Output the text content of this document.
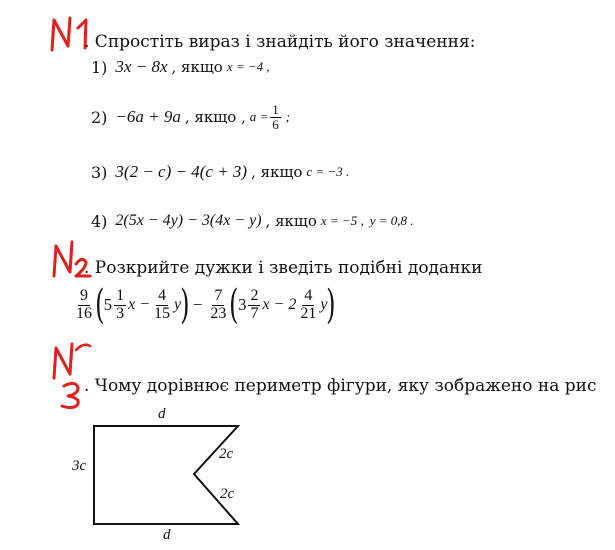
. Спростіть вираз і знайдіть його значення:
1) 3x − 8x , якщо x = −4 ,
2) −6a + 9a , якщо , $a = \frac{1}{6}$ ;
3) 3(2 − c) − 4(c + 3) , якщо c = −3 .
4) 2(5x − 4y) − 3(4x − y) , якщо x = −5 , y = 0,8 .
. Розкрийте дужки і зведіть подібні доданки
$\frac{9}{16}$ ( $5 \frac{1}{3}$ $x - \frac{4}{15}$ y ) − $\frac{7}{23}$ ( $3 \frac{2}{7}$ $x - 2 \frac{4}{21}$ y )
. Чому дорівнює периметр фігури, яку зображено на рис
d
3c
2c
2c
d
